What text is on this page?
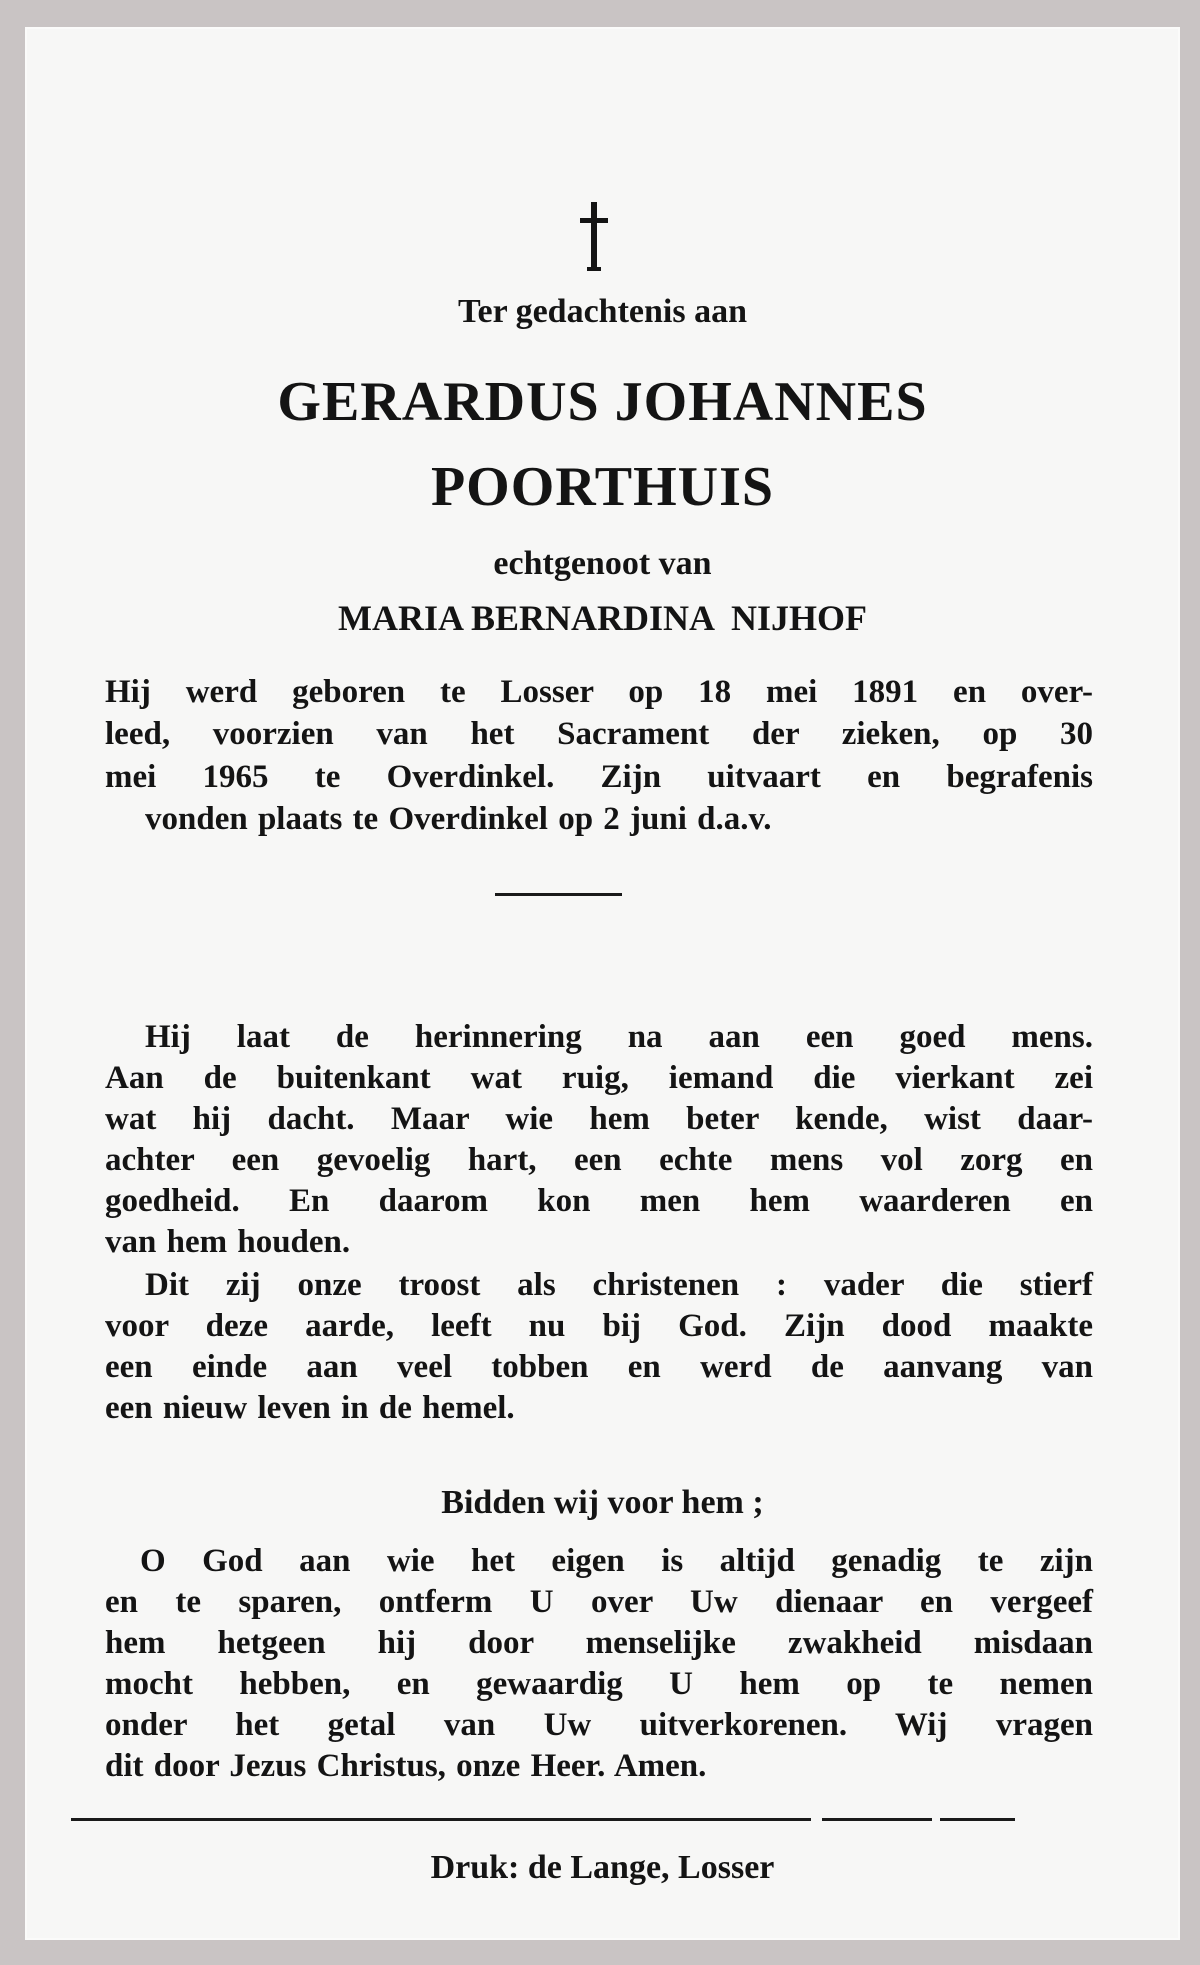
Ter gedachtenis aan
GERARDUS JOHANNES
POORTHUIS
echtgenoot van
MARIA BERNARDINA  NIJHOF
Hij werd geboren te Losser op 18 mei 1891 en over-
leed, voorzien van het Sacrament der zieken, op 30
mei 1965 te Overdinkel. Zijn uitvaart en begrafenis
vonden plaats te Overdinkel op 2 juni d.a.v.
Hij laat de herinnering na aan een goed mens.
Aan de buitenkant wat ruig, iemand die vierkant zei
wat hij dacht. Maar wie hem beter kende, wist daar-
achter een gevoelig hart, een echte mens vol zorg en
goedheid. En daarom kon men hem waarderen en
van hem houden.
Dit zij onze troost als christenen : vader die stierf
voor deze aarde, leeft nu bij God. Zijn dood maakte
een einde aan veel tobben en werd de aanvang van
een nieuw leven in de hemel.
Bidden wij voor hem ;
O God aan wie het eigen is altijd genadig te zijn
en te sparen, ontferm U over Uw dienaar en vergeef
hem hetgeen hij door menselijke zwakheid misdaan
mocht hebben, en gewaardig U hem op te nemen
onder het getal van Uw uitverkorenen. Wij vragen
dit door Jezus Christus, onze Heer. Amen.
Druk: de Lange, Losser
